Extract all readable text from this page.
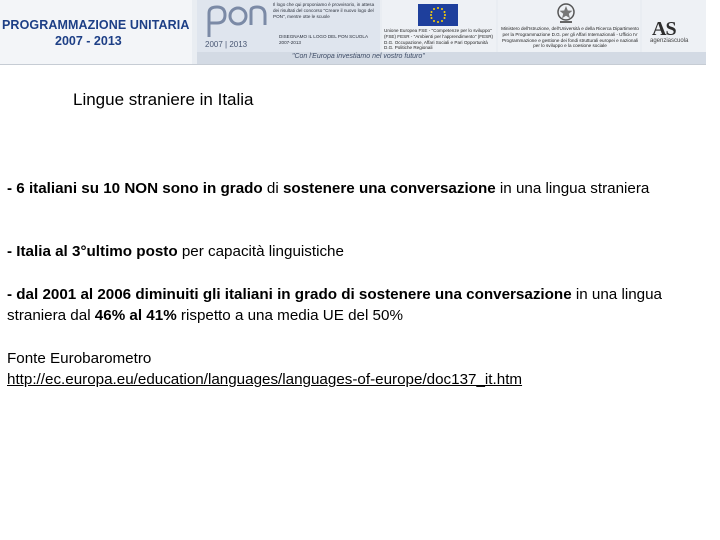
PROGRAMMAZIONE UNITARIA
2007 - 2013	2007 | 2013
Il logo che qui proponiamo è provvisorio, in attesa dei risultati del concorso "Creare il nuovo logo del PON", mentre otte le scuole
DISEGNAMO IL LOGO DEL PON SCUOLA 2007-2013
Unione Europea FSE - "Competenze per lo sviluppo" (FSE) FESR - "Ambienti per l'apprendimento" (FESR) D.G. Occupazione, Affari Sociali e Pari Opportunità D.G. Politiche Regionali
Ministero dell'Istruzione, dell'Università e della Ricerca Dipartimento per la Programmazione D.G. per gli Affari Internazionali - Ufficio IV Programmazione e gestione dei fondi strutturali europei e nazionali per lo sviluppo e la coesione sociale
AS
agenziascuola
"Con l'Europa investiamo nel vostro futuro"
Lingue straniere in Italia
- 6 italiani su 10 NON sono in grado di sostenere una conversazione in una lingua straniera
- Italia al 3°ultimo posto per capacità linguistiche
- dal 2001 al 2006 diminuiti gli italiani in grado di sostenere una conversazione in una lingua straniera dal 46% al 41% rispetto a una media UE del 50%
Fonte Eurobarometro
http://ec.europa.eu/education/languages/languages-of-europe/doc137_it.htm
